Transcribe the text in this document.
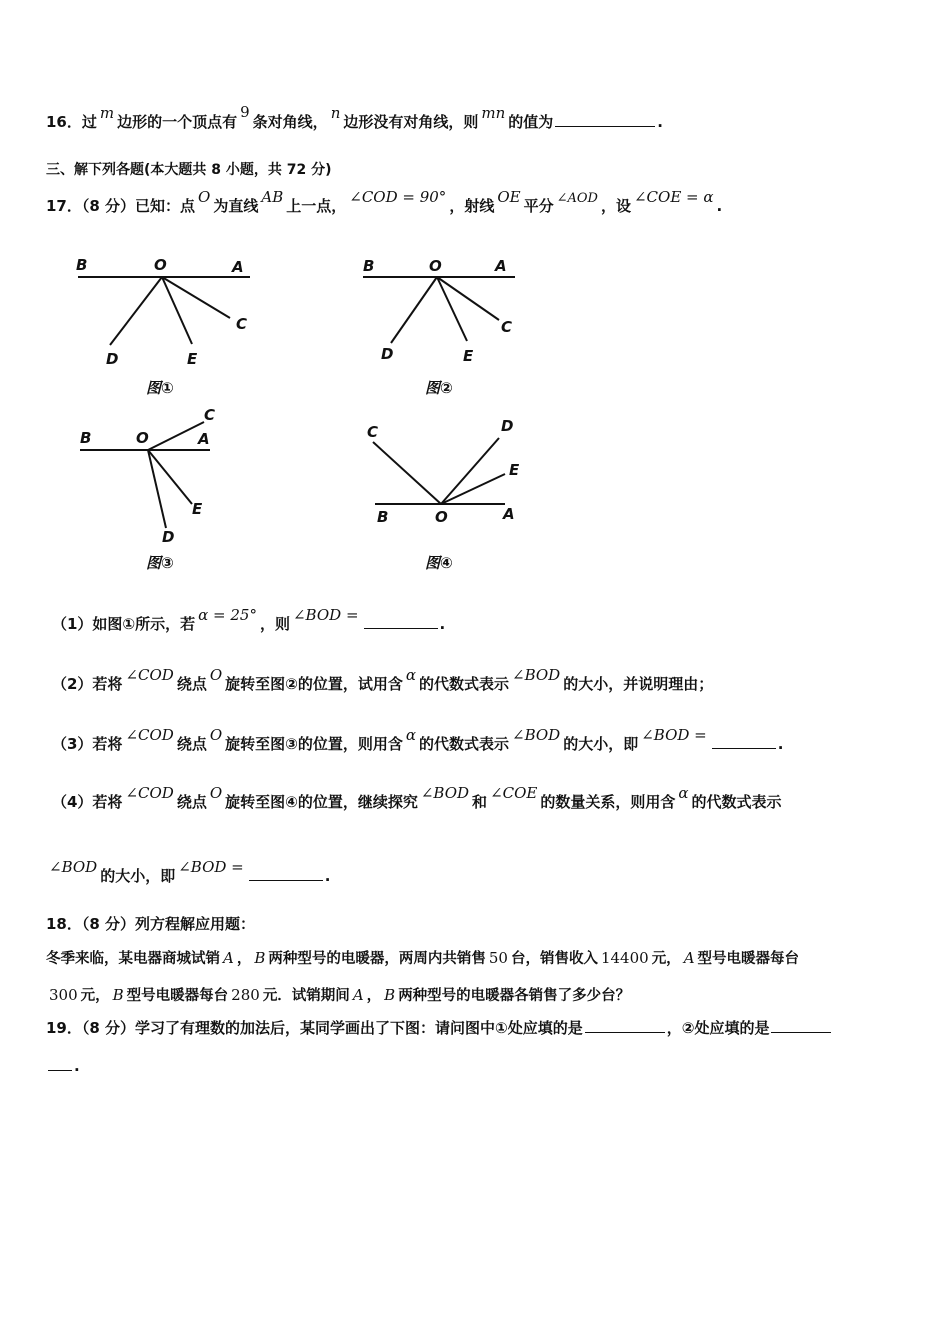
16．过 m 边形的一个顶点有9条对角线， n 边形没有对角线，则 mn 的值为	.
三、解下列各题(本大题共 8 小题，共 72 分)
17．（8 分）已知：点 O 为直线 AB 上一点， ∠COD = 90° ，射线 OE 平分 ∠AOD ，设 ∠COE = α .
B	O	A
C
D	E
图①
B	O	A
C
D	E
图②
B	O	A
C
E
D
图③
C	D
E
B	O	A
图④
（1）如图①所示，若 α = 25° ，则 ∠BOD =	.
（2）若将 ∠COD 绕点 O 旋转至图②的位置，试用含 α 的代数式表示 ∠BOD 的大小，并说明理由；
（3）若将 ∠COD 绕点 O 旋转至图③的位置，则用含 α 的代数式表示 ∠BOD 的大小，即 ∠BOD =	.
（4）若将 ∠COD 绕点 O 旋转至图④的位置，继续探究 ∠BOD 和 ∠COE 的数量关系，则用含 α 的代数式表示
∠BOD 的大小，即 ∠BOD =	.
18．（8 分）列方程解应用题：
冬季来临，某电器商城试销 A ， B 两种型号的电暖器，两周内共销售 50 台，销售收入 14400 元， A 型号电暖器每台
300 元， B 型号电暖器每台 280 元．试销期间 A ， B 两种型号的电暖器各销售了多少台？
19．（8 分）学习了有理数的加法后，某同学画出了下图：请问图中①处应填的是	，②处应填的是
.
